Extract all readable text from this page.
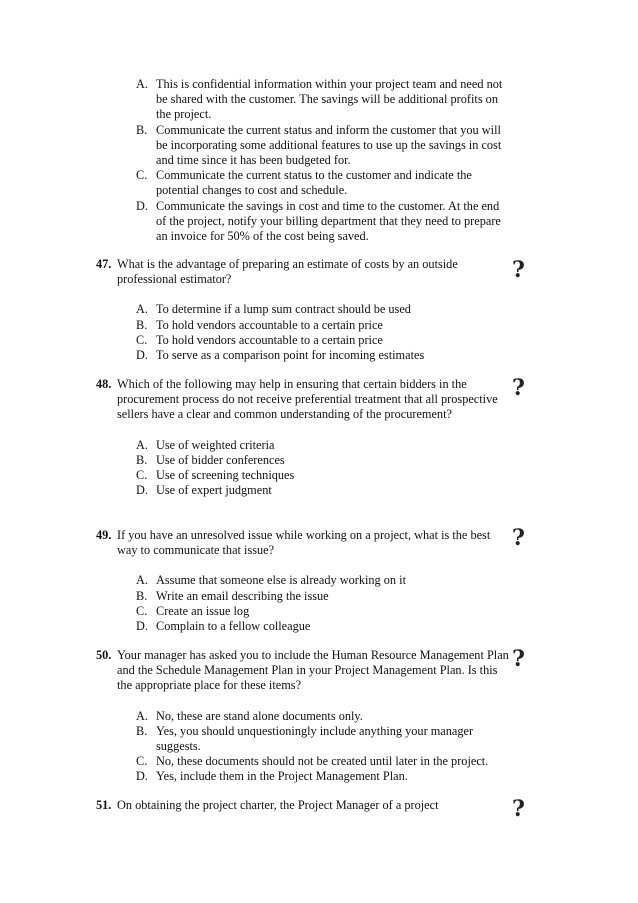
A. This is confidential information within your project team and need not be shared with the customer. The savings will be additional profits on the project.

B. Communicate the current status and inform the customer that you will be incorporating some additional features to use up the savings in cost and time since it has been budgeted for.

C. Communicate the current status to the customer and indicate the potential changes to cost and schedule.

D. Communicate the savings in cost and time to the customer. At the end of the project, notify your billing department that they need to prepare an invoice for 50% of the cost being saved.

47. What is the advantage of preparing an estimate of costs by an outside professional estimator?

A. To determine if a lump sum contract should be used

B. To hold vendors accountable to a certain price

C. To hold vendors accountable to a certain price

D. To serve as a comparison point for incoming estimates

?
48. Which of the following may help in ensuring that certain bidders in the procurement process do not receive preferential treatment that all prospective sellers have a clear and common understanding of the procurement?

A. Use of weighted criteria

B. Use of bidder conferences

C. Use of screening techniques

D. Use of expert judgment

?
49. If you have an unresolved issue while working on a project, what is the best way to communicate that issue?

A. Assume that someone else is already working on it

B. Write an email describing the issue

C. Create an issue log

D. Complain to a fellow colleague

?
50. Your manager has asked you to include the Human Resource Management Plan and the Schedule Management Plan in your Project Management Plan. Is this the appropriate place for these items?

A. No, these are stand alone documents only.

B. Yes, you should unquestioningly include anything your manager suggests.

C. No, these documents should not be created until later in the project.

D. Yes, include them in the Project Management Plan.

?
51. On obtaining the project charter, the Project Manager of a project	?
